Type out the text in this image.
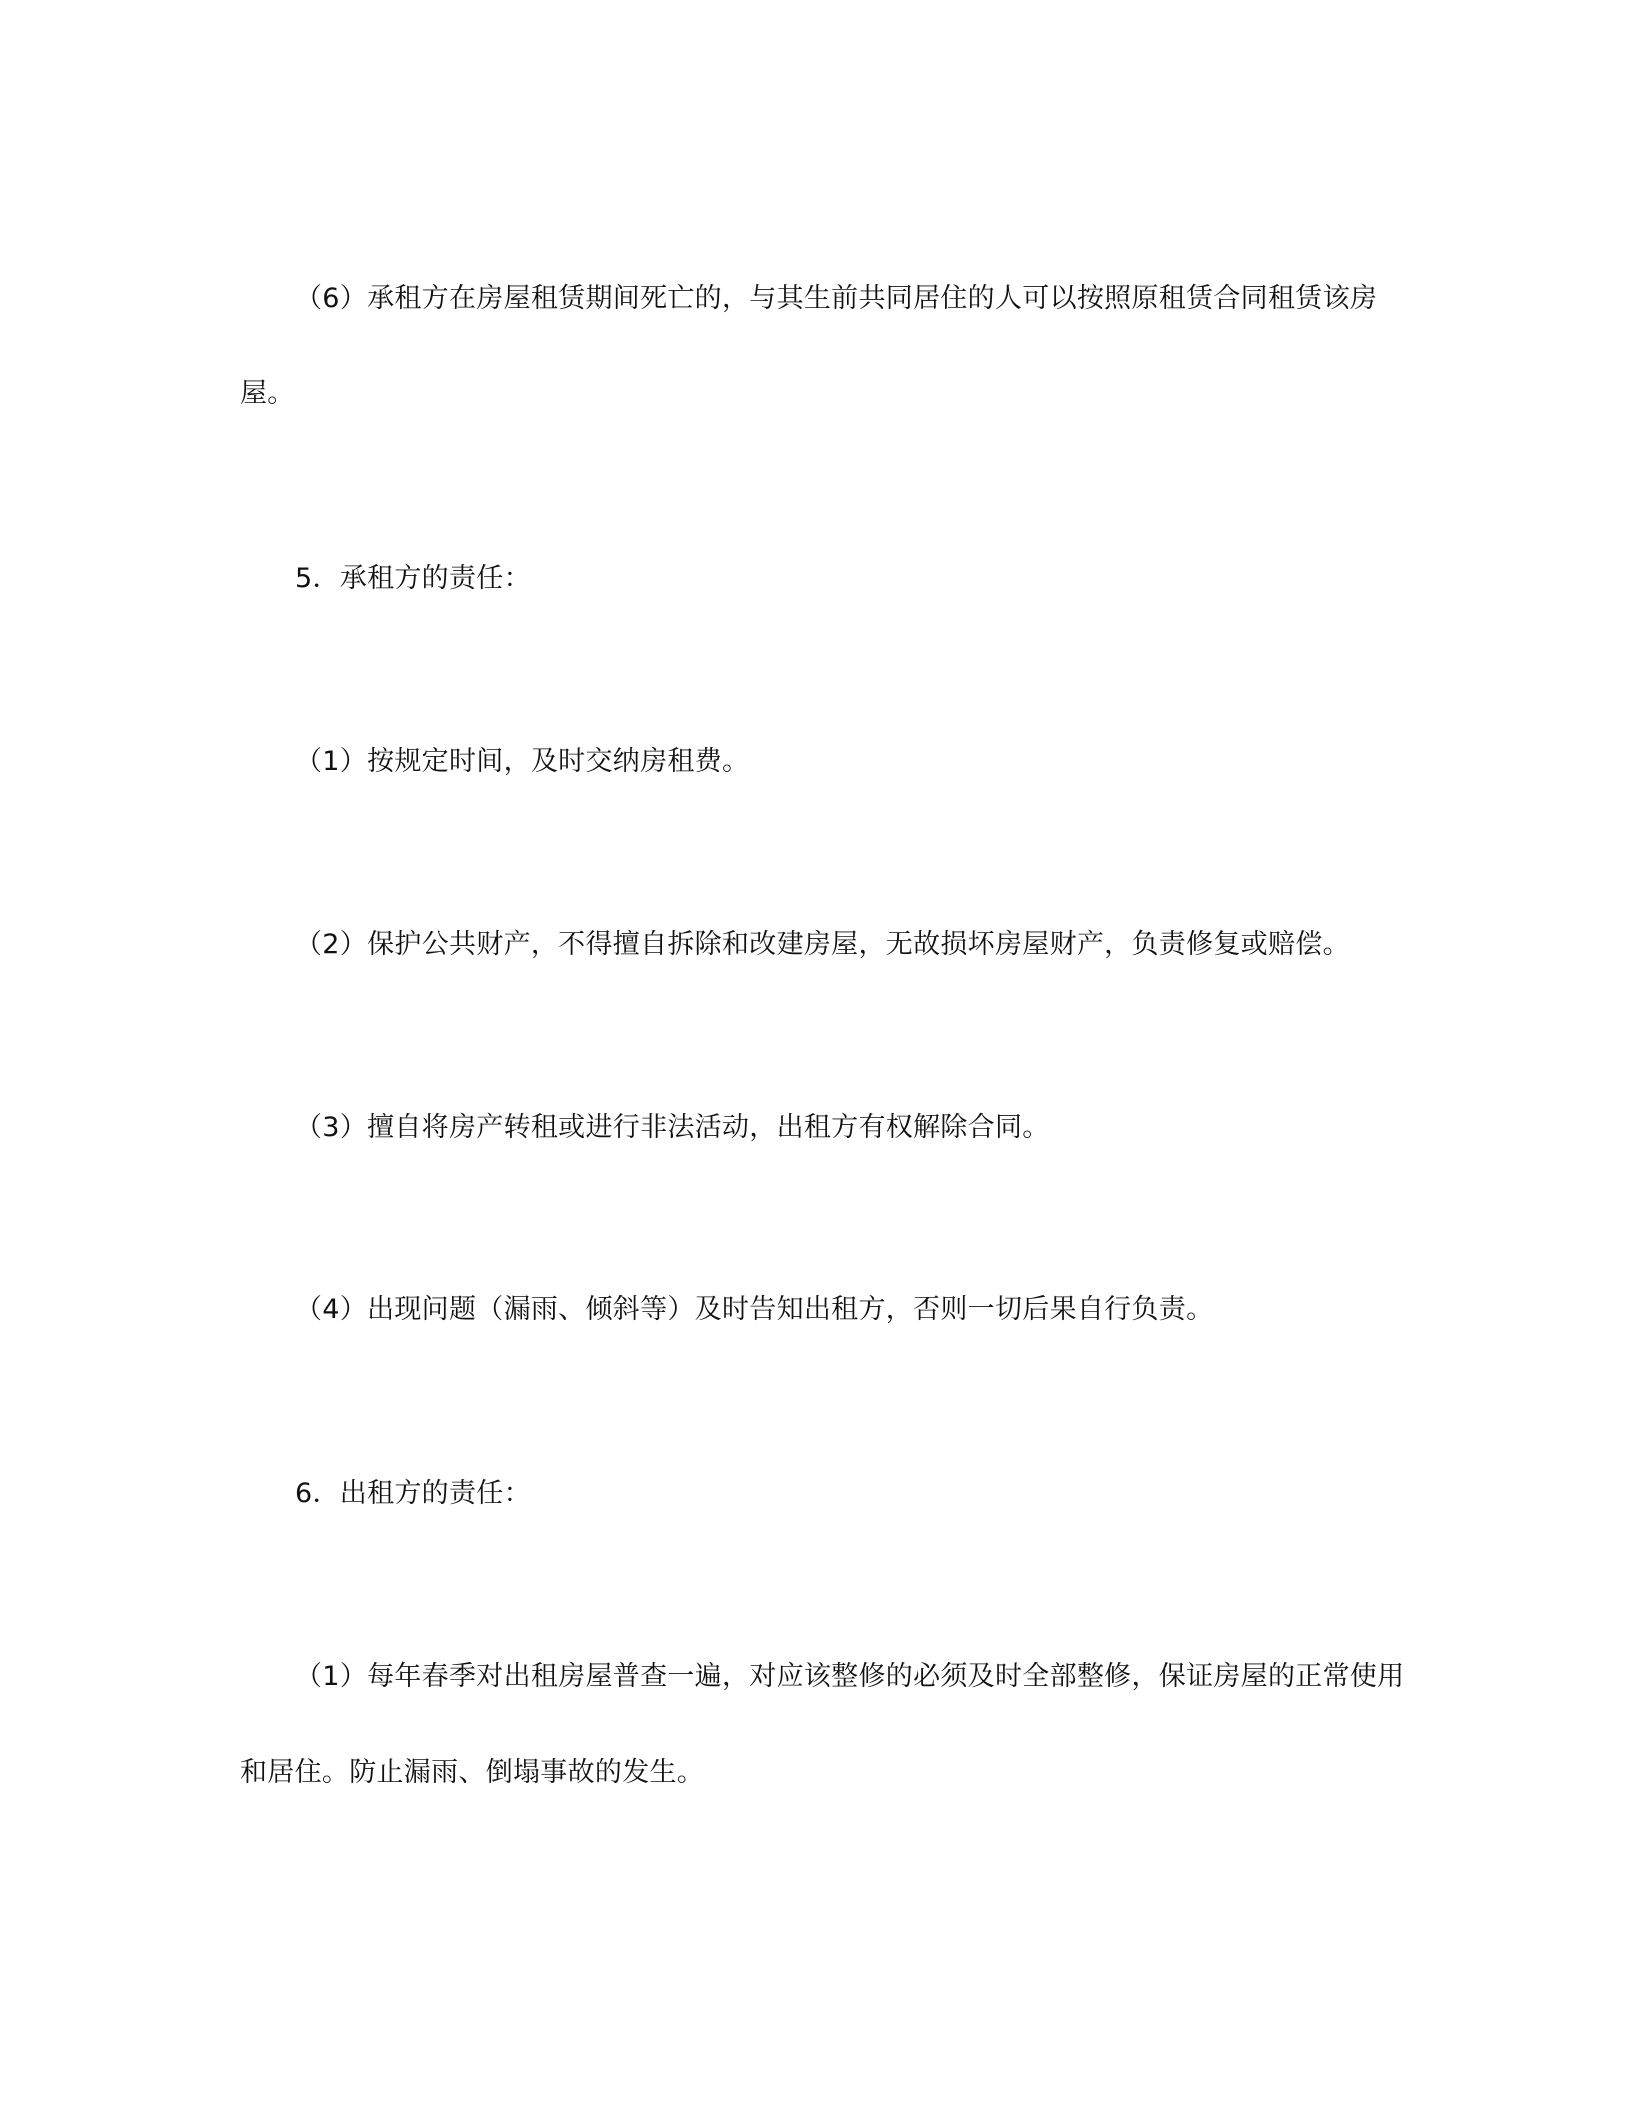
（6）承租方在房屋租赁期间死亡的，与其生前共同居住的人可以按照原租赁合同租赁该房
屋。
5．承租方的责任：
（1）按规定时间，及时交纳房租费。
（2）保护公共财产，不得擅自拆除和改建房屋，无故损坏房屋财产，负责修复或赔偿。
（3）擅自将房产转租或进行非法活动，出租方有权解除合同。
（4）出现问题（漏雨、倾斜等）及时告知出租方，否则一切后果自行负责。
6．出租方的责任：
（1）每年春季对出租房屋普查一遍，对应该整修的必须及时全部整修，保证房屋的正常使用
和居住。防止漏雨、倒塌事故的发生。
